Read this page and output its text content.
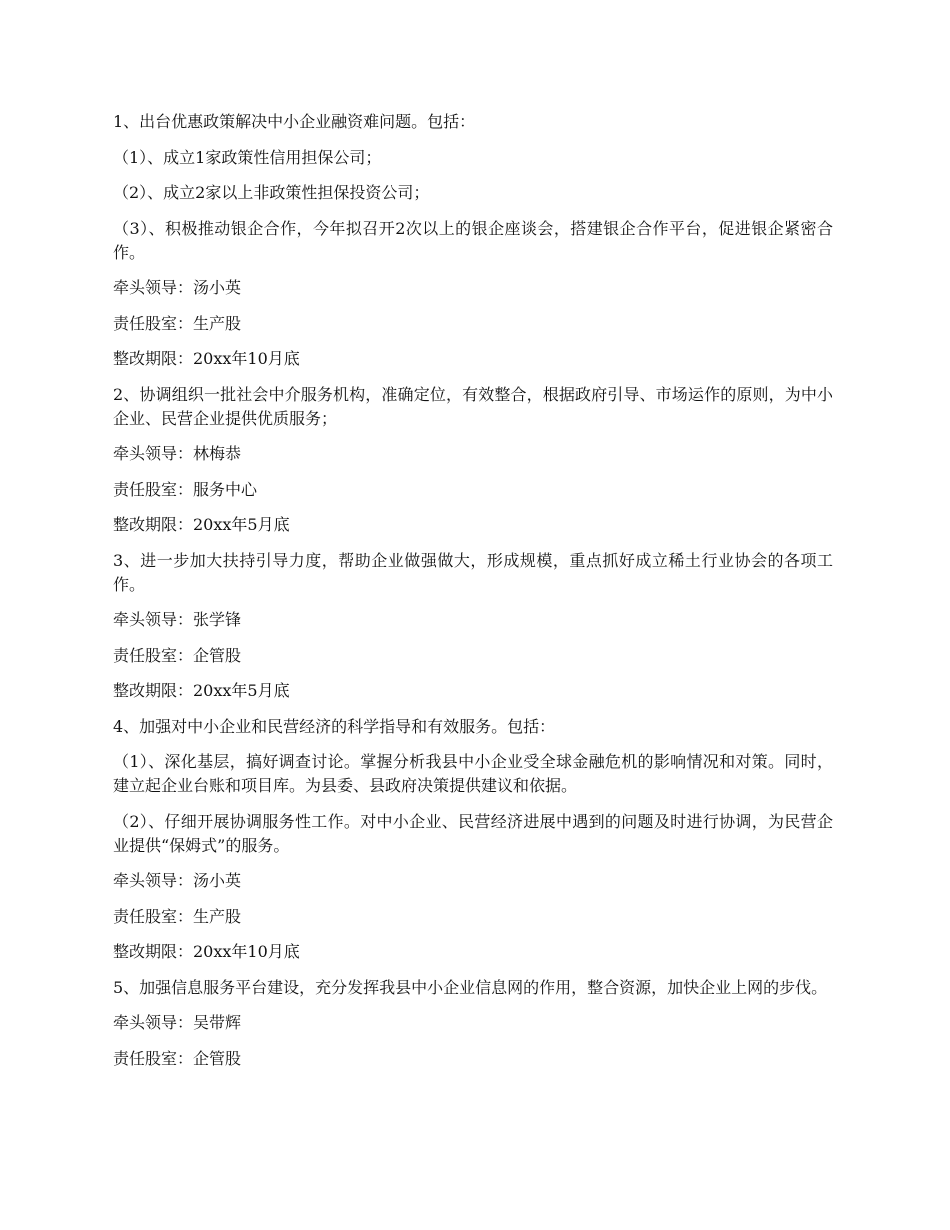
1、出台优惠政策解决中小企业融资难问题。包括：

（1）、成立1家政策性信用担保公司；

（2）、成立2家以上非政策性担保投资公司；

（3）、积极推动银企合作，今年拟召开2次以上的银企座谈会，搭建银企合作平台，促进银企紧密合作。

牵头领导：汤小英

责任股室：生产股

整改期限：20xx年10月底

2、协调组织一批社会中介服务机构，准确定位，有效整合，根据政府引导、市场运作的原则，为中小企业、民营企业提供优质服务；

牵头领导：林梅恭

责任股室：服务中心

整改期限：20xx年5月底

3、进一步加大扶持引导力度，帮助企业做强做大，形成规模，重点抓好成立稀土行业协会的各项工作。

牵头领导：张学锋

责任股室：企管股

整改期限：20xx年5月底

4、加强对中小企业和民营经济的科学指导和有效服务。包括：

（1）、深化基层，搞好调查讨论。掌握分析我县中小企业受全球金融危机的影响情况和对策。同时，建立起企业台账和项目库。为县委、县政府决策提供建议和依据。

（2）、仔细开展协调服务性工作。对中小企业、民营经济进展中遇到的问题及时进行协调，为民营企业提供“保姆式”的服务。

牵头领导：汤小英

责任股室：生产股

整改期限：20xx年10月底

5、加强信息服务平台建设，充分发挥我县中小企业信息网的作用，整合资源，加快企业上网的步伐。

牵头领导：吴带辉

责任股室：企管股
